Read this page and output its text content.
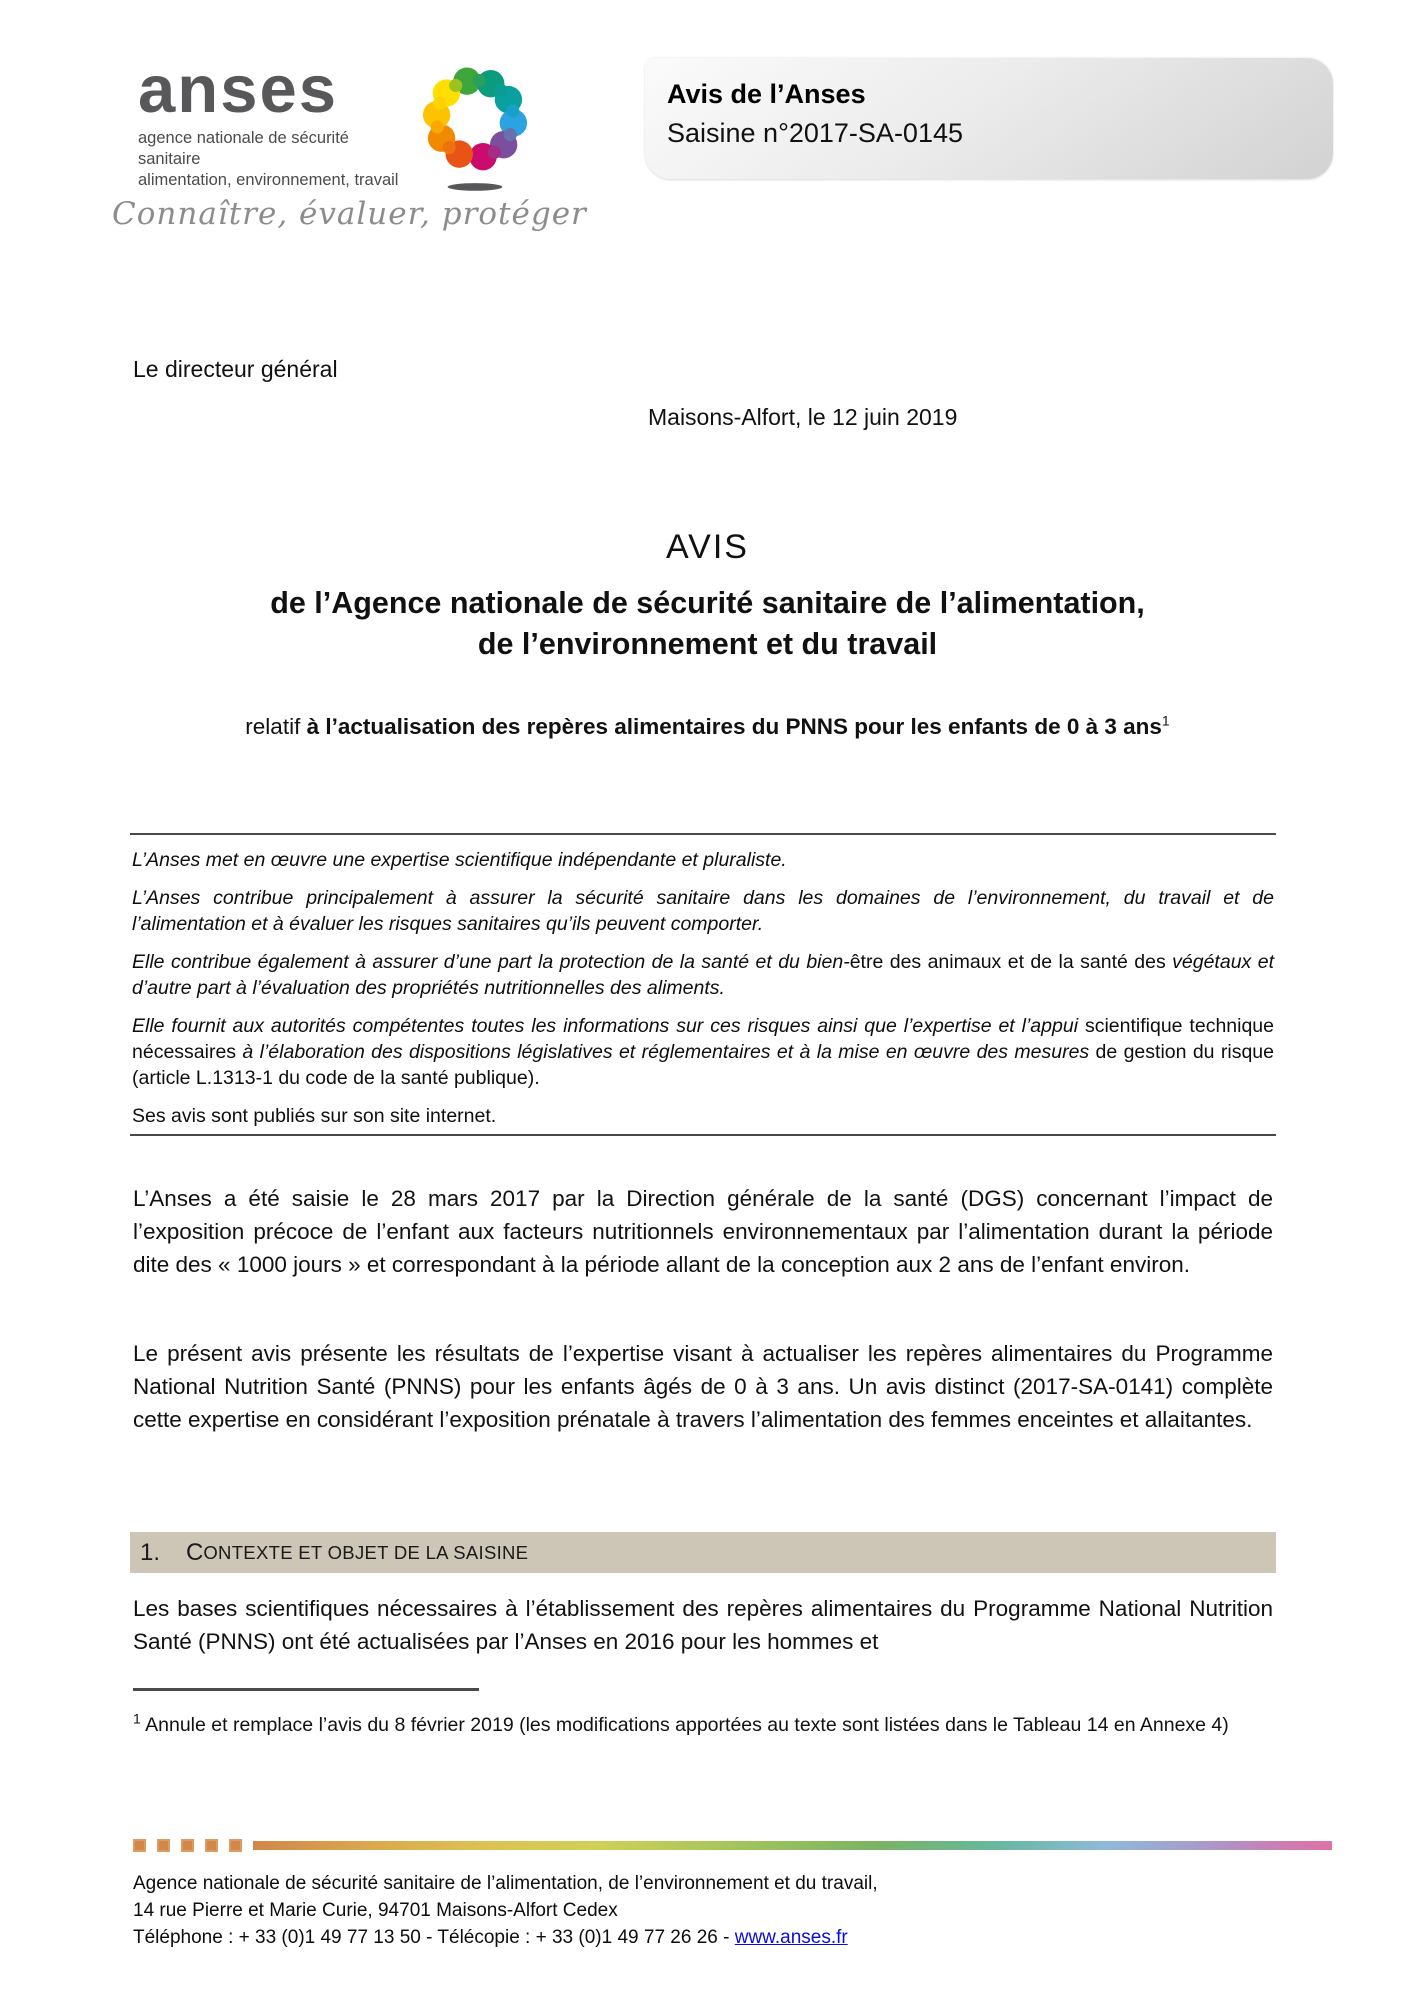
anses
agence nationale de sécurité sanitaire
alimentation, environnement, travail
Connaître, évaluer, protéger
Avis de l’Anses
Saisine n°2017-SA-0145
Le directeur général
Maisons-Alfort, le 12 juin 2019
AVIS
de l’Agence nationale de sécurité sanitaire de l’alimentation,
de l’environnement et du travail
relatif à l’actualisation des repères alimentaires du PNNS pour les enfants de 0 à 3 ans$^1$

L’Anses met en œuvre une expertise scientifique indépendante et pluraliste.

L’Anses contribue principalement à assurer la sécurité sanitaire dans les domaines de l’environnement, du travail et de l’alimentation et à évaluer les risques sanitaires qu’ils peuvent comporter.

Elle contribue également à assurer d’une part la protection de la santé et du bien-être des animaux et de la santé des végétaux et d’autre part à l’évaluation des propriétés nutritionnelles des aliments.

Elle fournit aux autorités compétentes toutes les informations sur ces risques ainsi que l’expertise et l’appui scientifique technique nécessaires à l’élaboration des dispositions législatives et réglementaires et à la mise en œuvre des mesures de gestion du risque (article L.1313-1 du code de la santé publique).

Ses avis sont publiés sur son site internet.

L’Anses a été saisie le 28 mars 2017 par la Direction générale de la santé (DGS) concernant l’impact de l’exposition précoce de l’enfant aux facteurs nutritionnels environnementaux par l’alimentation durant la période dite des « 1000 jours » et correspondant à la période allant de la conception aux 2 ans de l’enfant environ.

Le présent avis présente les résultats de l’expertise visant à actualiser les repères alimentaires du Programme National Nutrition Santé (PNNS) pour les enfants âgés de 0 à 3 ans. Un avis distinct (2017-SA-0141) complète cette expertise en considérant l’exposition prénatale à travers l’alimentation des femmes enceintes et allaitantes.

1. C ONTEXTE ET OBJET DE LA SAISINE

Les bases scientifiques nécessaires à l’établissement des repères alimentaires du Programme National Nutrition Santé (PNNS) ont été actualisées par l’Anses en 2016 pour les hommes et

$^1$ Annule et remplace l’avis du 8 février 2019 (les modifications apportées au texte sont listées dans le Tableau 14 en Annexe 4)
Agence nationale de sécurité sanitaire de l’alimentation, de l’environnement et du travail,
14 rue Pierre et Marie Curie, 94701 Maisons-Alfort Cedex
Téléphone : + 33 (0)1 49 77 13 50 - Télécopie : + 33 (0)1 49 77 26 26 - www.anses.fr
